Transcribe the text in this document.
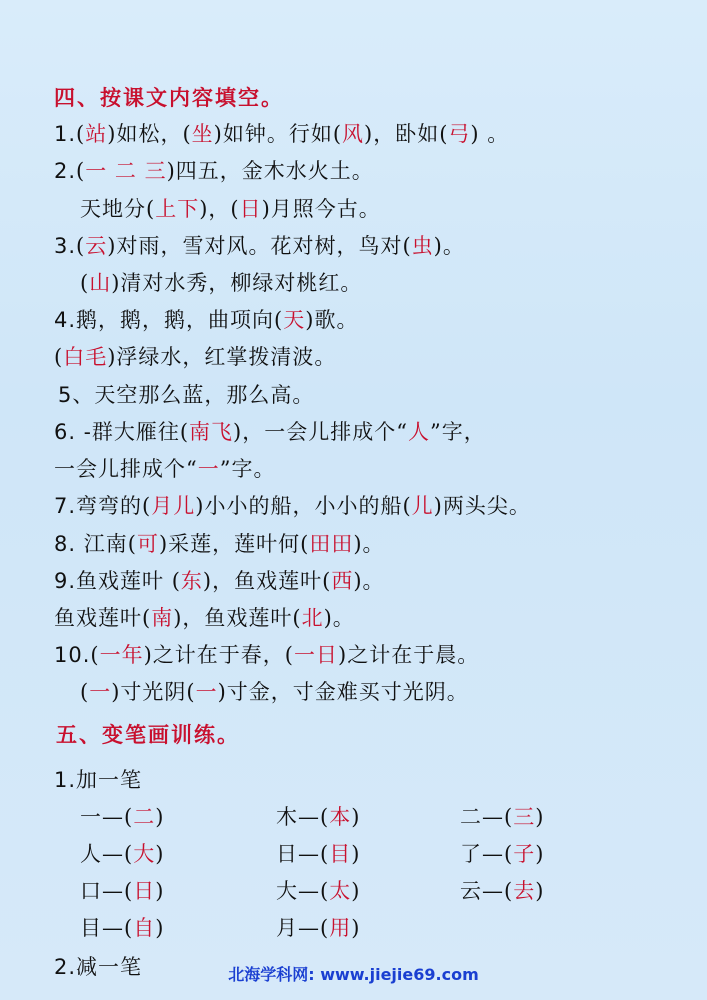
四、按课文内容填空。
1.(站)如松，(坐)如钟。行如(风)，卧如(弓) 。
2.(一 二 三)四五，金木水火土。
天地分(上下)，(日)月照今古。
3.(云)对雨，雪对风。花对树，鸟对(虫)。
(山)清对水秀，柳绿对桃红。
4.鹅，鹅，鹅，曲项向(天)歌。
(白毛)浮绿水，红掌拨清波。
5、天空那么蓝，那么高。
6. -群大雁往(南飞)，一会儿排成个“人”字，
一会儿排成个“一”字。
7.弯弯的(月儿)小小的船，小小的船(儿)两头尖。
8. 江南(可)采莲，莲叶何(田田)。
9.鱼戏莲叶 (东)，鱼戏莲叶(西)。
鱼戏莲叶(南)，鱼戏莲叶(北)。
10.(一年)之计在于春，(一日)之计在于晨。
(一)寸光阴(一)寸金，寸金难买寸光阴。
五、变笔画训练。
1.加一笔
一—(二)	木—(本)	二—(三)
人—(大)	日—(目)	了—(子)
口—(日)	大—(太)	云—(去)
目—(自)	月—(用)
2.减一笔	北海学科网: www.jiejie69.com
